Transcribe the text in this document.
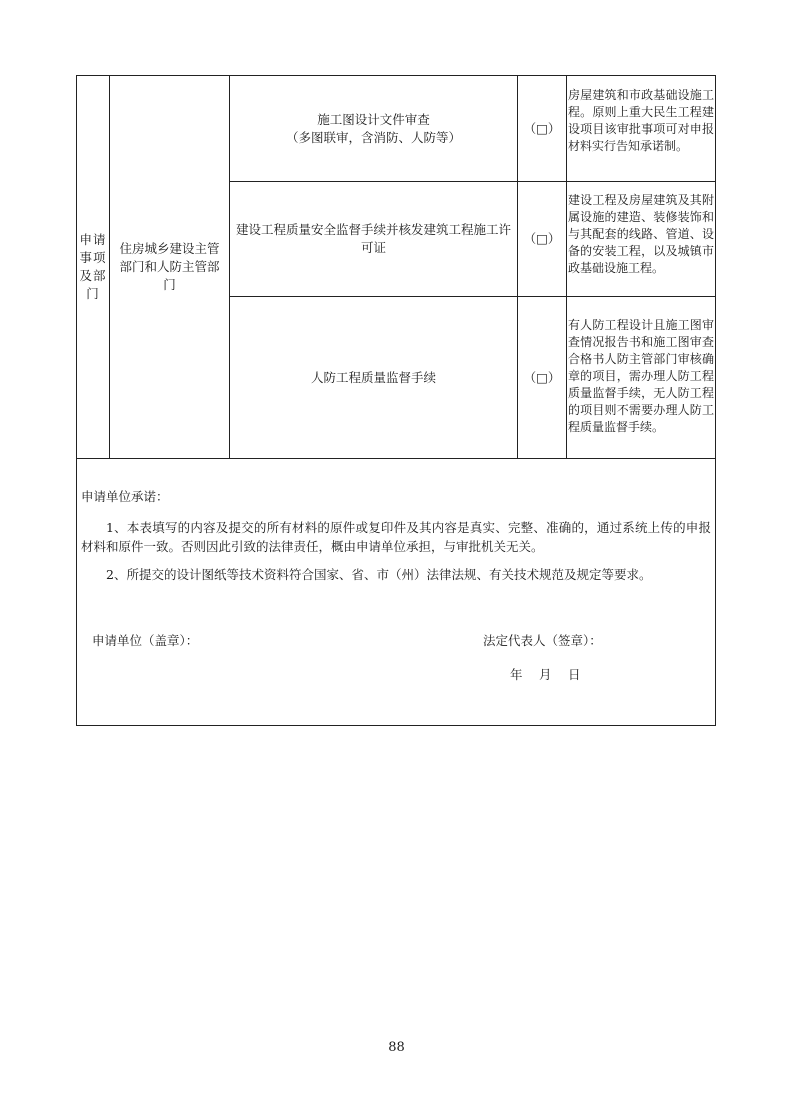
申请事项及部门
住房城乡建设主管部门和人防主管部门
施工图设计文件审查
（多图联审，含消防、人防等）
（□）
房屋建筑和市政基础设施工程。原则上重大民生工程建设项目该审批事项可对申报材料实行告知承诺制。
建设工程质量安全监督手续并核发建筑工程施工许可证
（□）
建设工程及房屋建筑及其附属设施的建造、装修装饰和与其配套的线路、管道、设备的安装工程，以及城镇市政基础设施工程。
人防工程质量监督手续	（□）
有人防工程设计且施工图审查情况报告书和施工图审查合格书人防主管部门审核确章的项目，需办理人防工程质量监督手续，无人防工程的项目则不需要办理人防工程质量监督手续。
申请单位承诺：
1、本表填写的内容及提交的所有材料的原件或复印件及其内容是真实、完整、准确的，通过系统上传的申报材料和原件一致。否则因此引致的法律责任，概由申请单位承担，与审批机关无关。
2、所提交的设计图纸等技术资料符合国家、省、市（州）法律法规、有关技术规范及规定等要求。
申请单位（盖章）：	法定代表人（签章）：
年　 月　 日
88
